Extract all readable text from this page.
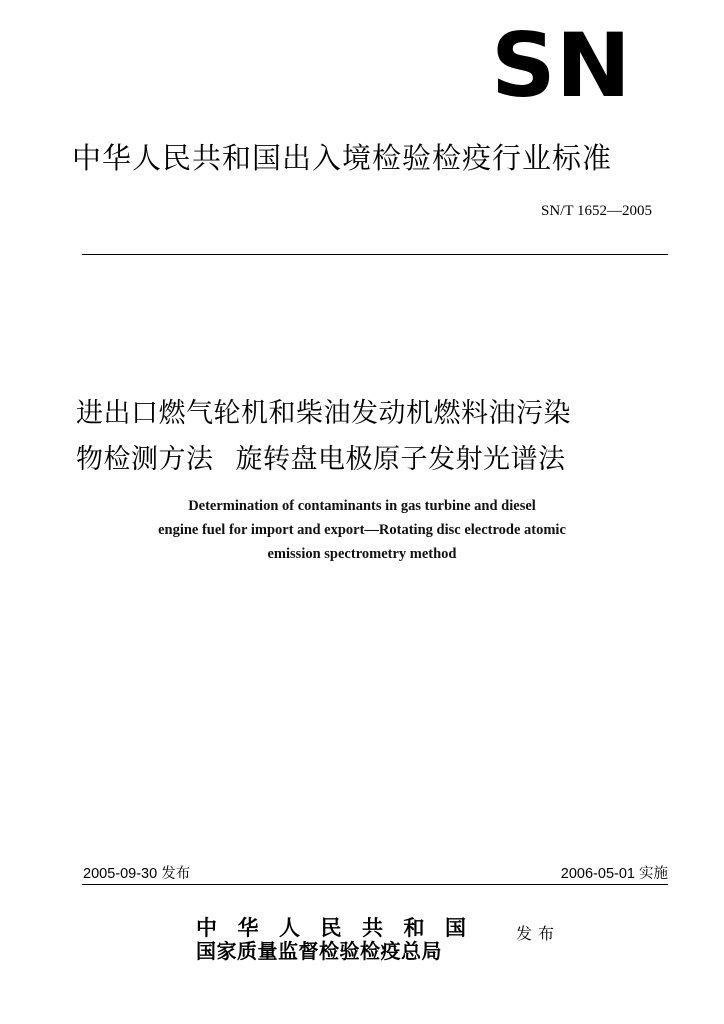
SN
中华人民共和国出入境检验检疫行业标准
SN/T 1652—2005
进出口燃气轮机和柴油发动机燃料油污染
物检测方法 旋转盘电极原子发射光谱法
Determination of contaminants in gas turbine and diesel
engine fuel for import and export—Rotating disc electrode atomic
emission spectrometry method
2005-09-30 发布	2006-05-01 实施
中华人民共和国
国家质量监督检验检疫总局
发布
